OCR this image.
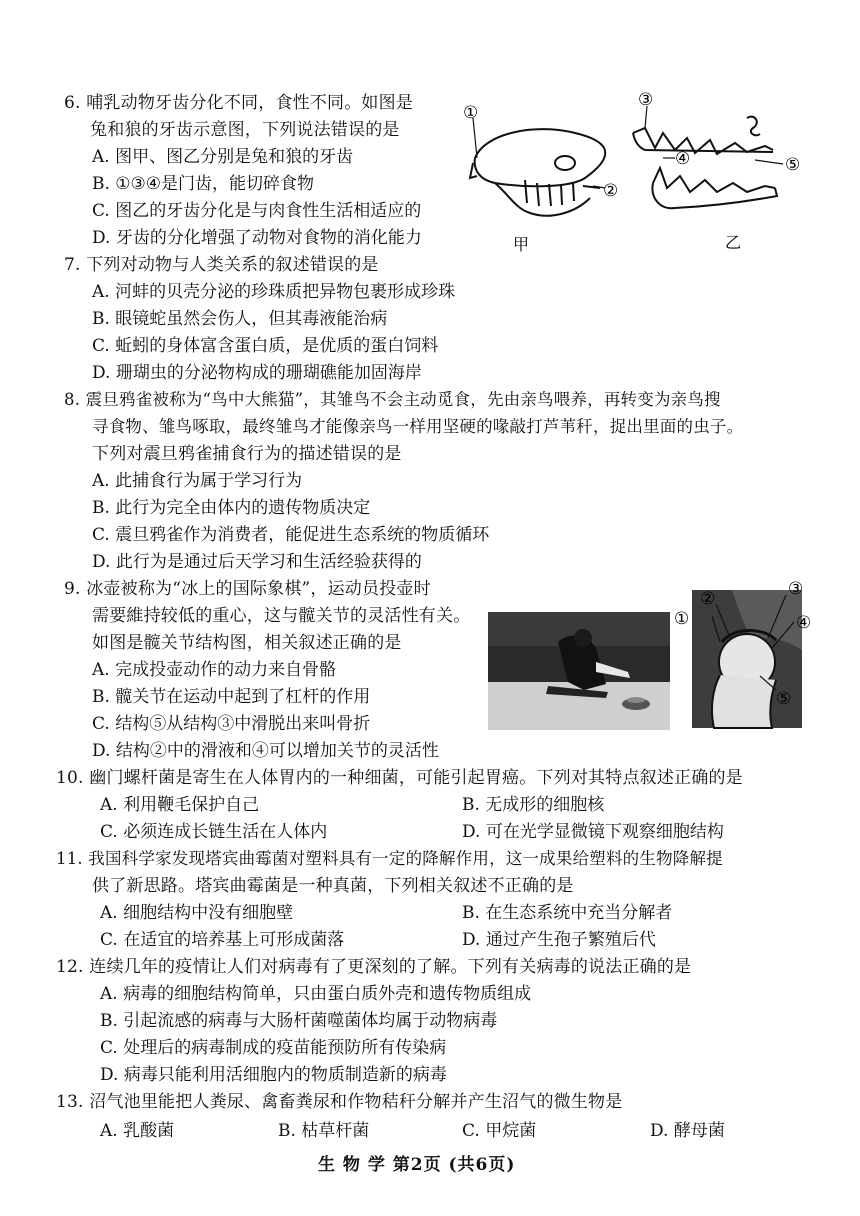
6. 哺乳动物牙齿分化不同，食性不同。如图是
兔和狼的牙齿示意图，下列说法错误的是
A. 图甲、图乙分别是兔和狼的牙齿
B. ①③④是门齿，能切碎食物
C. 图乙的牙齿分化是与肉食性生活相适应的
D. 牙齿的分化增强了动物对食物的消化能力
①
②
甲
③
④	⑤
乙
7. 下列对动物与人类关系的叙述错误的是
A. 河蚌的贝壳分泌的珍珠质把异物包裹形成珍珠
B. 眼镜蛇虽然会伤人，但其毒液能治病
C. 蚯蚓的身体富含蛋白质，是优质的蛋白饲料
D. 珊瑚虫的分泌物构成的珊瑚礁能加固海岸
8. 震旦鸦雀被称为“鸟中大熊猫”，其雏鸟不会主动觅食，先由亲鸟喂养，再转变为亲鸟搜
寻食物、雏鸟啄取，最终雏鸟才能像亲鸟一样用坚硬的喙敲打芦苇秆，捉出里面的虫子。
下列对震旦鸦雀捕食行为的描述错误的是
A. 此捕食行为属于学习行为
B. 此行为完全由体内的遗传物质决定
C. 震旦鸦雀作为消费者，能促进生态系统的物质循环
D. 此行为是通过后天学习和生活经验获得的
9. 冰壶被称为“冰上的国际象棋”，运动员投壶时
需要維持较低的重心，这与髋关节的灵活性有关。
如图是髋关节结构图，相关叙述正确的是
A. 完成投壶动作的动力来自骨骼
B. 髋关节在运动中起到了杠杆的作用
C. 结构⑤从结构③中滑脱出来叫骨折
D. 结构②中的滑液和④可以增加关节的灵活性
①
②	③
④
⑤
10. 幽门螺杆菌是寄生在人体胃内的一种细菌，可能引起胃癌。下列对其特点叙述正确的是
A. 利用鞭毛保护自己	B. 无成形的细胞核
C. 必须连成长链生活在人体内	D. 可在光学显微镜下观察细胞结构
11. 我国科学家发现塔宾曲霉菌对塑料具有一定的降解作用，这一成果给塑料的生物降解提
供了新思路。塔宾曲霉菌是一种真菌，下列相关叙述不正确的是
A. 细胞结构中没有细胞壁	B. 在生态系统中充当分解者
C. 在适宜的培养基上可形成菌落	D. 通过产生孢子繁殖后代
12. 连续几年的疫情让人们对病毒有了更深刻的了解。下列有关病毒的说法正确的是
A. 病毒的细胞结构简单，只由蛋白质外壳和遗传物质组成
B. 引起流感的病毒与大肠杆菌噬菌体均属于动物病毒
C. 处理后的病毒制成的疫苗能预防所有传染病
D. 病毒只能利用活细胞内的物质制造新的病毒
13. 沼气池里能把人粪尿、禽畜粪尿和作物秸秆分解并产生沼气的微生物是
A. 乳酸菌	B. 枯草杆菌	C. 甲烷菌	D. 酵母菌
生 物 学 第2页 (共6页)
